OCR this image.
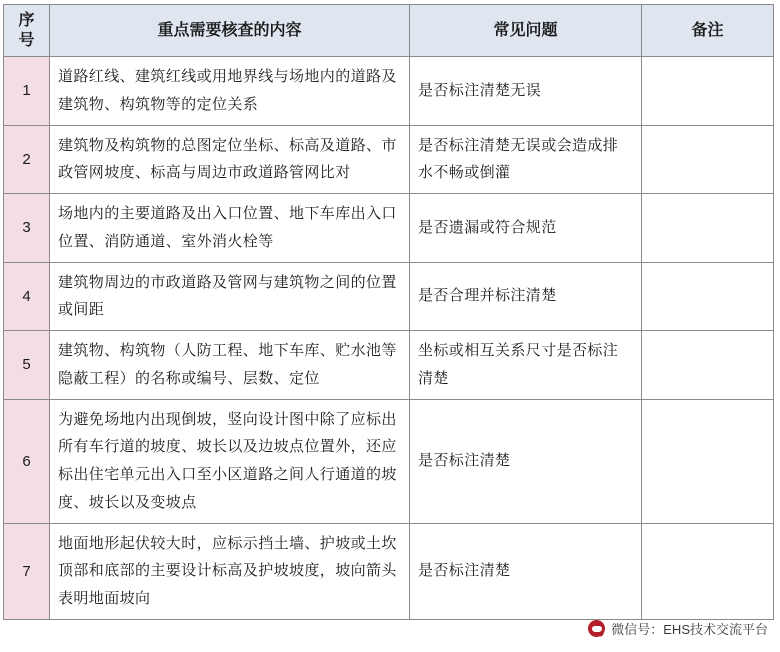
序
号	重点需要核查的内容	常见问题	备注
1	道路红线、建筑红线或用地界线与场地内的道路及建筑物、构筑物等的定位关系	是否标注清楚无误	
2	建筑物及构筑物的总图定位坐标、标高及道路、市政管网坡度、标高与周边市政道路管网比对	是否标注清楚无误或会造成排水不畅或倒灌	
3	场地内的主要道路及出入口位置、地下车库出入口位置、消防通道、室外消火栓等	是否遗漏或符合规范	
4	建筑物周边的市政道路及管网与建筑物之间的位置或间距	是否合理并标注清楚	
5	建筑物、构筑物（人防工程、地下车库、贮水池等隐蔽工程）的名称或编号、层数、定位	坐标或相互关系尺寸是否标注清楚	
6	为避免场地内出现倒坡，竖向设计图中除了应标出所有车行道的坡度、坡长以及边坡点位置外，还应标出住宅单元出入口至小区道路之间人行通道的坡度、坡长以及变坡点	是否标注清楚	
7	地面地形起伏较大时，应标示挡土墙、护坡或土坎顶部和底部的主要设计标高及护坡坡度，坡向箭头表明地面坡向	是否标注清楚	
微信号：EHS技术交流平台
